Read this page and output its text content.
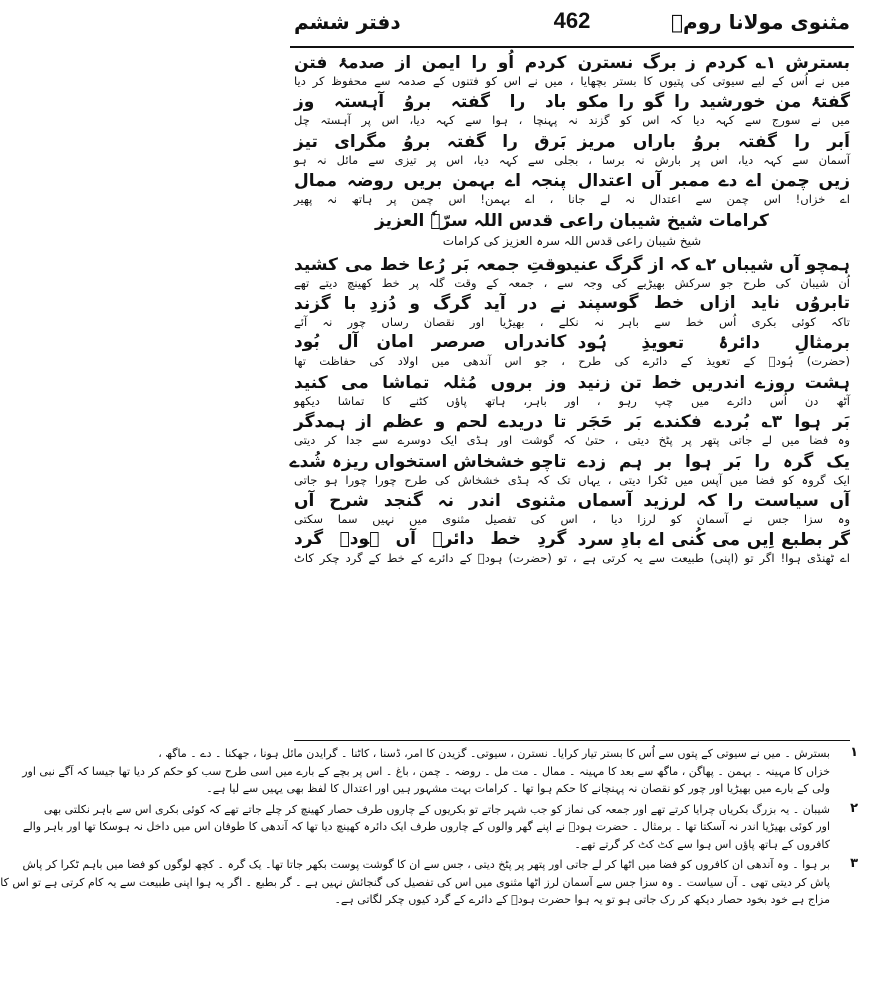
مثنوی مولانا رومؒ
462
دفتر ششم
بسترش ۱؎ کردم ز برگ نسترن
کردم اُو را ایمن از صدمۂ فتن
میں نے اُس کے لیے سیوتی کی پتیوں کا بستر بچھایا ، میں نے اس کو فتنوں کے صدمہ سے محفوظ کر دیا
گفتۂ من خورشید را گو را مکو
باد را گفتہ بروُ آہستہ وز
میں نے سورج سے کہہ دیا کہ اس کو گزند نہ پہنچا ، ہوا سے کہہ دیا، اس پر آہستہ چل
اَبر را گفتہ بروُ باراں مریز
بَرق را گفتہ بروُ مگرای تیز
آسمان سے کہہ دیا، اس پر بارش نہ برسا ، بجلی سے کہہ دیا، اس پر تیزی سے مائل نہ ہو
زیں چمن اے دے ممبر آں اعتدال
پنجہ اے بہمن بریں روضہ ممال
اے خزاں! اس چمن سے اعتدال نہ لے جانا ، اے بہمن! اس چمن پر ہاتھ نہ پھیر
کرامات شیخ شیبان راعی قدس اللہ سرّہٗ العزیز
شیخ شیبان راعی قدس اللہ سرہ العزیز کی کرامات
ہمچو آں شیباں ۲؎ کہ از گرگ عنید
وقتِ جمعہ بَر رُعا خط می کشید
اُن شیبان کی طرح جو سرکش بھیڑیے کی وجہ سے ، جمعہ کے وقت گلہ پر خط کھینچ دیتے تھے
تابروُں ناید ازاں خط گوسپند
نے در آید گرگ و دُزدِ با گزند
تاکہ کوئی بکری اُس خط سے باہر نہ نکلے ، بھیڑیا اور نقصان رساں چور نہ آئے
برمثالِ دائرۂ تعویذِ ہُود
کاندراں صرصر امان آل بُود
(حضرت) ہُودؑ کے تعویذ کے دائرے کی طرح ، جو اس آندھی میں اولاد کی حفاظت تھا
ہشت روزے اندریں خط تن زنید
وز بروں مُثلہ تماشا می کنید
آٹھ دن اُس دائرے میں چپ رہو ، اور باہر، ہاتھ پاؤں کٹنے کا تماشا دیکھو
بَر ہوا ۳؎ بُردے فکندے بَر حَجَر
تا دریدے لحم و عظم از ہمدگر
وہ فضا میں لے جاتی پتھر پر پٹخ دیتی ، حتیٰ کہ گوشت اور ہڈی ایک دوسرے سے جدا کر دیتی
یک گرہ را بَر ہوا بر ہم زدے
تاچو خشخاش استخواں ریزہ شُدے
ایک گروہ کو فضا میں آپس میں ٹکرا دیتی ، یہاں تک کہ ہڈی خشخاش کی طرح چورا چورا ہو جاتی
آں سیاست را کہ لرزید آسماں
مثنوی اندر نہ گنجد شرح آں
وہ سزا جس نے آسمان کو لرزا دیا ، اس کی تفصیل مثنوی میں نہیں سما سکتی
گر بطبع اِیں می کُنی اے بادِ سرد
گردِ خط دائرۂ آں ہودؑ گرد
اے ٹھنڈی ہوا! اگر تو (اپنی) طبیعت سے یہ کرتی ہے ، تو (حضرت) ہودؑ کے دائرے کے خط کے گرد چکر کاٹ
۱
بسترش ۔ میں نے سیوتی کے پتوں سے اُس کا بستر تیار کرایا۔ نسترن ، سیوتی۔ گزیدن کا امر، ڈسنا ، کاٹنا ۔ گرایدن مائل ہونا ، جھکنا ۔ دے ۔ ماگھ ،
خزاں کا مہینہ ۔ بہمن ۔ پھاگن ، ماگھ سے بعد کا مہینہ ۔ ممال ۔ مت مل ۔ روضہ ۔ چمن ، باغ ۔ اس پر بچے کے بارے میں اسی طرح سب کو حکم کر دیا تھا جیسا کہ آگے نبی اور
ولی کے بارے میں بھیڑیا اور چور کو نقصان نہ پہنچانے کا حکم ہوا تھا ۔ کرامات بہت مشہور ہیں اور اعتدال کا لفظ بھی یہیں سے لیا ہے۔
۲
شیبان ۔ یہ بزرگ بکریاں چرایا کرتے تھے اور جمعہ کی نماز کو جب شہر جاتے تو بکریوں کے چاروں طرف حصار کھینچ کر چلے جاتے تھے کہ کوئی بکری اس سے باہر نکلتی بھی
اور کوئی بھیڑیا اندر نہ آسکتا تھا ۔ برمثال ۔ حضرت ہودؑ نے اپنے گھر والوں کے چاروں طرف ایک دائرہ کھینچ دیا تھا کہ آندھی کا طوفان اس میں داخل نہ ہوسکا تھا اور باہر والے
کافروں کے ہاتھ پاؤں اس ہوا سے کٹ کٹ کر گرتے تھے۔
۳
بر ہوا ۔ وہ آندھی ان کافروں کو فضا میں اٹھا کر لے جاتی اور پتھر پر پٹخ دیتی ، جس سے ان کا گوشت پوست بکھر جاتا تھا۔ یک گرہ ۔ کچھ لوگوں کو فضا میں باہم ٹکرا کر پاش
پاش کر دیتی تھی ۔ آں سیاست ۔ وہ سزا جس سے آسمان لرز اٹھا مثنوی میں اس کی تفصیل کی گنجائش نہیں ہے ۔ گر بطبع ۔ اگر یہ ہوا اپنی طبیعت سے یہ کام کرتی ہے تو اس کا
مزاج ہے خود بخود حصار دیکھ کر رک جاتی ہو تو یہ ہوا حضرت ہودؑ کے دائرے کے گرد کیوں چکر لگاتی ہے۔
